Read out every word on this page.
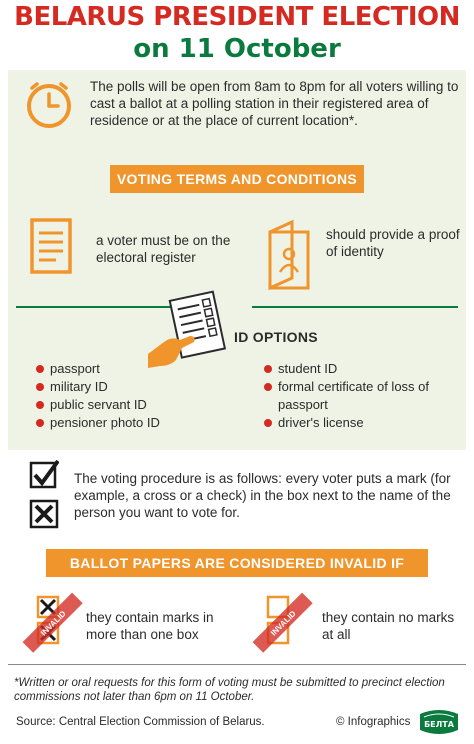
BELARUS PRESIDENT ELECTION
on 11 October
The polls will be open from 8am to 8pm for all voters willing to cast a ballot at a polling station in their registered area of residence or at the place of current location*.
VOTING TERMS AND CONDITIONS
a voter must be on the electoral register
should provide a proof of identity
ID OPTIONS
passport
military ID
public servant ID
pensioner photo ID
student ID
formal certificate of loss of passport
driver's license
The voting procedure is as follows: every voter puts a mark (for example, a cross or a check) in the box next to the name of the person you want to vote for.
BALLOT PAPERS ARE CONSIDERED INVALID IF
INVALID they contain marks in more than one box	INVALID they contain no marks at all
*Written or oral requests for this form of voting must be submitted to precinct election commissions not later than 6pm on 11 October.
Source: Central Election Commission of Belarus.	© Infographics БЕЛТА
